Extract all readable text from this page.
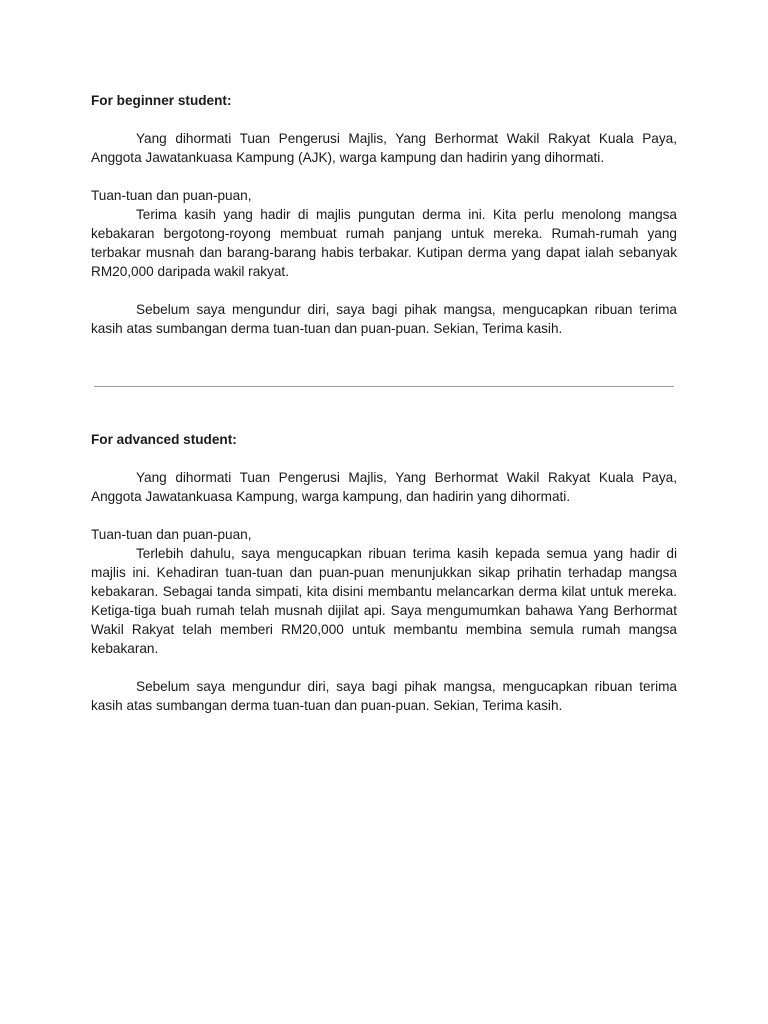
For beginner student:

Yang dihormati Tuan Pengerusi Majlis, Yang Berhormat Wakil Rakyat Kuala Paya, Anggota Jawatankuasa Kampung (AJK), warga kampung dan hadirin yang dihormati.

Tuan-tuan dan puan-puan,

Terima kasih yang hadir di majlis pungutan derma ini. Kita perlu menolong mangsa kebakaran bergotong-royong membuat rumah panjang untuk mereka. Rumah-rumah yang terbakar musnah dan barang-barang habis terbakar. Kutipan derma yang dapat ialah sebanyak RM20,000 daripada wakil rakyat.

Sebelum saya mengundur diri, saya bagi pihak mangsa, mengucapkan ribuan terima kasih atas sumbangan derma tuan-tuan dan puan-puan. Sekian, Terima kasih.

For advanced student:

Yang dihormati Tuan Pengerusi Majlis, Yang Berhormat Wakil Rakyat Kuala Paya, Anggota Jawatankuasa Kampung, warga kampung, dan hadirin yang dihormati.

Tuan-tuan dan puan-puan,

Terlebih dahulu, saya mengucapkan ribuan terima kasih kepada semua yang hadir di majlis ini. Kehadiran tuan-tuan dan puan-puan menunjukkan sikap prihatin terhadap mangsa kebakaran. Sebagai tanda simpati, kita disini membantu melancarkan derma kilat untuk mereka. Ketiga-tiga buah rumah telah musnah dijilat api. Saya mengumumkan bahawa Yang Berhormat Wakil Rakyat telah memberi RM20,000 untuk membantu membina semula rumah mangsa kebakaran.

Sebelum saya mengundur diri, saya bagi pihak mangsa, mengucapkan ribuan terima kasih atas sumbangan derma tuan-tuan dan puan-puan. Sekian, Terima kasih.
